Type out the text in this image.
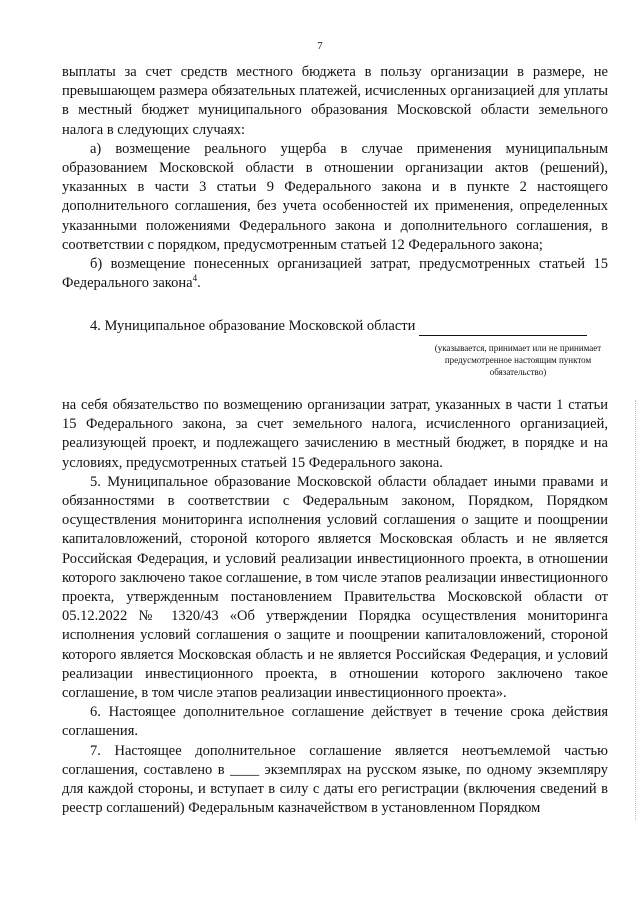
7

выплаты за счет средств местного бюджета в пользу организации в размере, не превышающем размера обязательных платежей, исчисленных организацией для уплаты в местный бюджет муниципального образования Московской области земельного налога в следующих случаях:

а) возмещение реального ущерба в случае применения муниципальным образованием Московской области в отношении организации актов (решений), указанных в части 3 статьи 9 Федерального закона и в пункте 2 настоящего дополнительного соглашения, без учета особенностей их применения, определенных указанными положениями Федерального закона и дополнительного соглашения, в соответствии с порядком, предусмотренным статьей 12 Федерального закона;

б) возмещение понесенных организацией затрат, предусмотренных статьей 15 Федерального закона$^4$.

4. Муниципальное образование Московской области

(указывается, принимает или не принимает предусмотренное настоящим пунктом обязательство)

на себя обязательство по возмещению организации затрат, указанных в части 1 статьи 15 Федерального закона, за счет земельного налога, исчисленного организацией, реализующей проект, и подлежащего зачислению в местный бюджет, в порядке и на условиях, предусмотренных статьей 15 Федерального закона.

5. Муниципальное образование Московской области обладает иными правами и обязанностями в соответствии с Федеральным законом, Порядком, Порядком осуществления мониторинга исполнения условий соглашения о защите и поощрении капиталовложений, стороной которого является Московская область и не является Российская Федерация, и условий реализации инвестиционного проекта, в отношении которого заключено такое соглашение, в том числе этапов реализации инвестиционного проекта, утвержденным постановлением Правительства Московской области от 05.12.2022 № 1320/43 «Об утверждении Порядка осуществления мониторинга исполнения условий соглашения о защите и поощрении капиталовложений, стороной которого является Московская область и не является Российская Федерация, и условий реализации инвестиционного проекта, в отношении которого заключено такое соглашение, в том числе этапов реализации инвестиционного проекта».

6. Настоящее дополнительное соглашение действует в течение срока действия соглашения.

7. Настоящее дополнительное соглашение является неотъемлемой частью соглашения, составлено в ____ экземплярах на русском языке, по одному экземпляру для каждой стороны, и вступает в силу с даты его регистрации (включения сведений в реестр соглашений) Федеральным казначейством в установленном Порядком
